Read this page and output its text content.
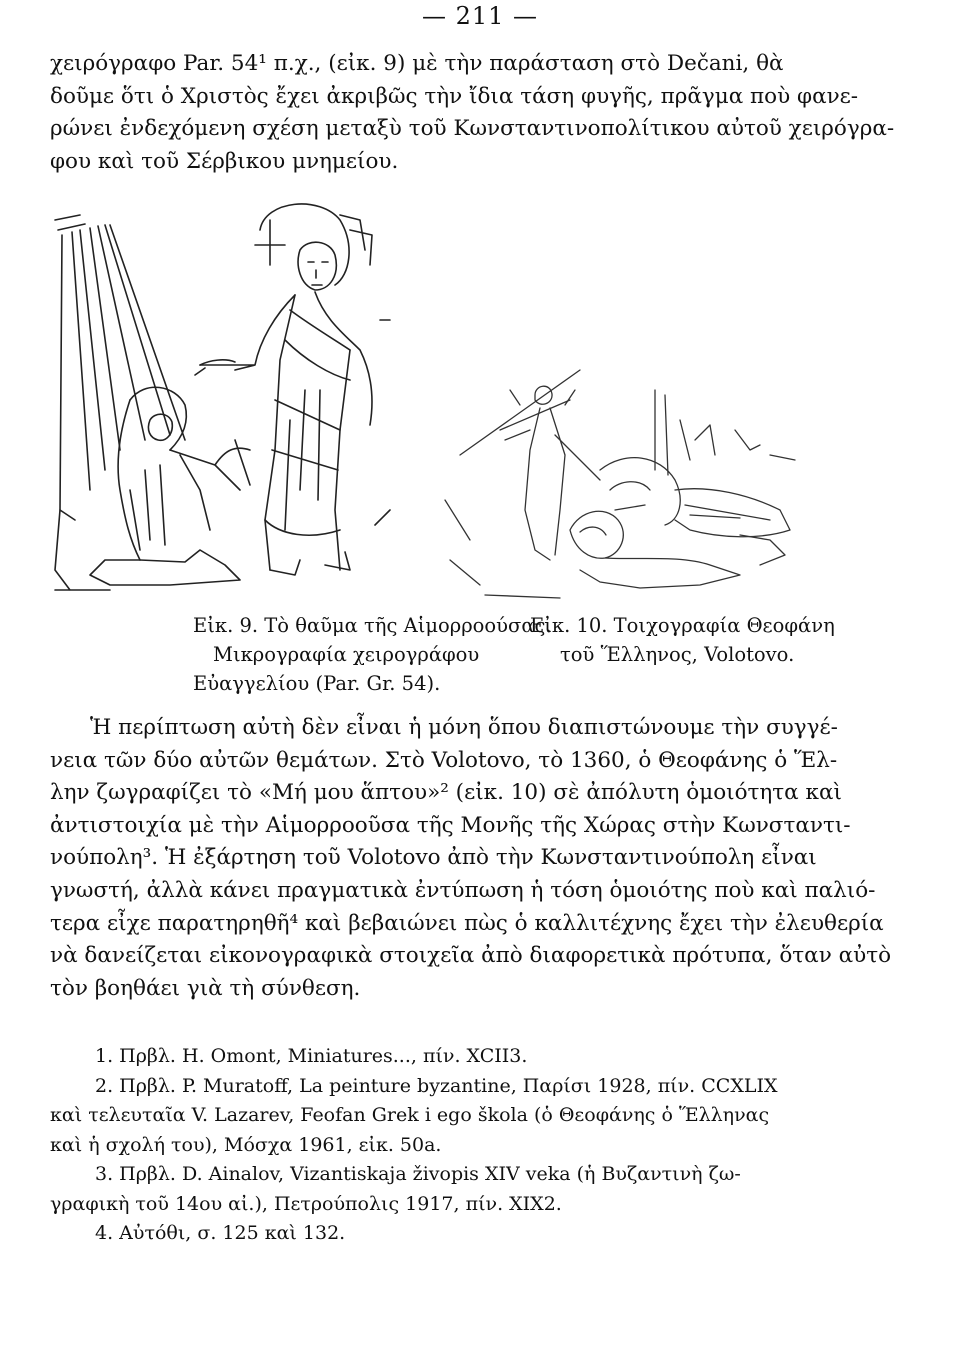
— 211 —
χειρόγραφο Par. 54¹ π.χ., (εἰκ. 9) μὲ τὴν παράσταση στὸ Dečani, θὰ
δοῦμε ὅτι ὁ Χριστὸς ἔχει ἀκριβῶς τὴν ἴδια τάση φυγῆς, πρᾶγμα ποὺ φανε-
ρώνει ἐνδεχόμενη σχέση μεταξὺ τοῦ Κωνσταντινοπολίτικου αὐτοῦ χειρόγρα-
φου καὶ τοῦ Σέρβικου μνημείου.
Εἰκ. 9. Τὸ θαῦμα τῆς Αἱμορροούσας.
Μικρογραφία χειρογράφου
Εὐαγγελίου (Par. Gr. 54).
Εἰκ. 10. Τοιχογραφία Θεοφάνη
τοῦ Ἕλληνος, Volotovo.
Ἡ περίπτωση αὐτὴ δὲν εἶναι ἡ μόνη ὅπου διαπιστώνουμε τὴν συγγέ-
νεια τῶν δύο αὐτῶν θεμάτων. Στὸ Volotovo, τὸ 1360, ὁ Θεοφάνης ὁ Ἕλ-
λην ζωγραφίζει τὸ «Μή μου ἅπτου»² (εἰκ. 10) σὲ ἀπόλυτη ὁμοιότητα καὶ
ἀντιστοιχία μὲ τὴν Αἱμορροοῦσα τῆς Μονῆς τῆς Χώρας στὴν Κωνσταντι-
νούπολη³. Ἡ ἐξάρτηση τοῦ Volotovo ἀπὸ τὴν Κωνσταντινούπολη εἶναι
γνωστή, ἀλλὰ κάνει πραγματικὰ ἐντύπωση ἡ τόση ὁμοιότης ποὺ καὶ παλιό-
τερα εἶχε παρατηρηθῆ⁴ καὶ βεβαιώνει πὼς ὁ καλλιτέχνης ἔχει τὴν ἐλευθερία
νὰ δανείζεται εἰκονογραφικὰ στοιχεῖα ἀπὸ διαφορετικὰ πρότυπα, ὅταν αὐτὸ
τὸν βοηθάει γιὰ τὴ σύνθεση.
1. Πρβλ. H. Omont, Miniatures..., πίν. XCII3.
2. Πρβλ. P. Muratoff, La peinture byzantine, Παρίσι 1928, πίν. CCXLIX
καὶ τελευταῖα V. Lazarev, Feofan Grek i ego škola (ὁ Θεοφάνης ὁ Ἕλληνας
καὶ ἡ σχολή του), Μόσχα 1961, εἰκ. 50a.
3. Πρβλ. D. Ainalov, Vizantiskaja živopis XIV veka (ἡ Βυζαντινὴ ζω-
γραφικὴ τοῦ 14ου αἰ.), Πετρούπολις 1917, πίν. XIX2.
4. Αὐτόθι, σ. 125 καὶ 132.
